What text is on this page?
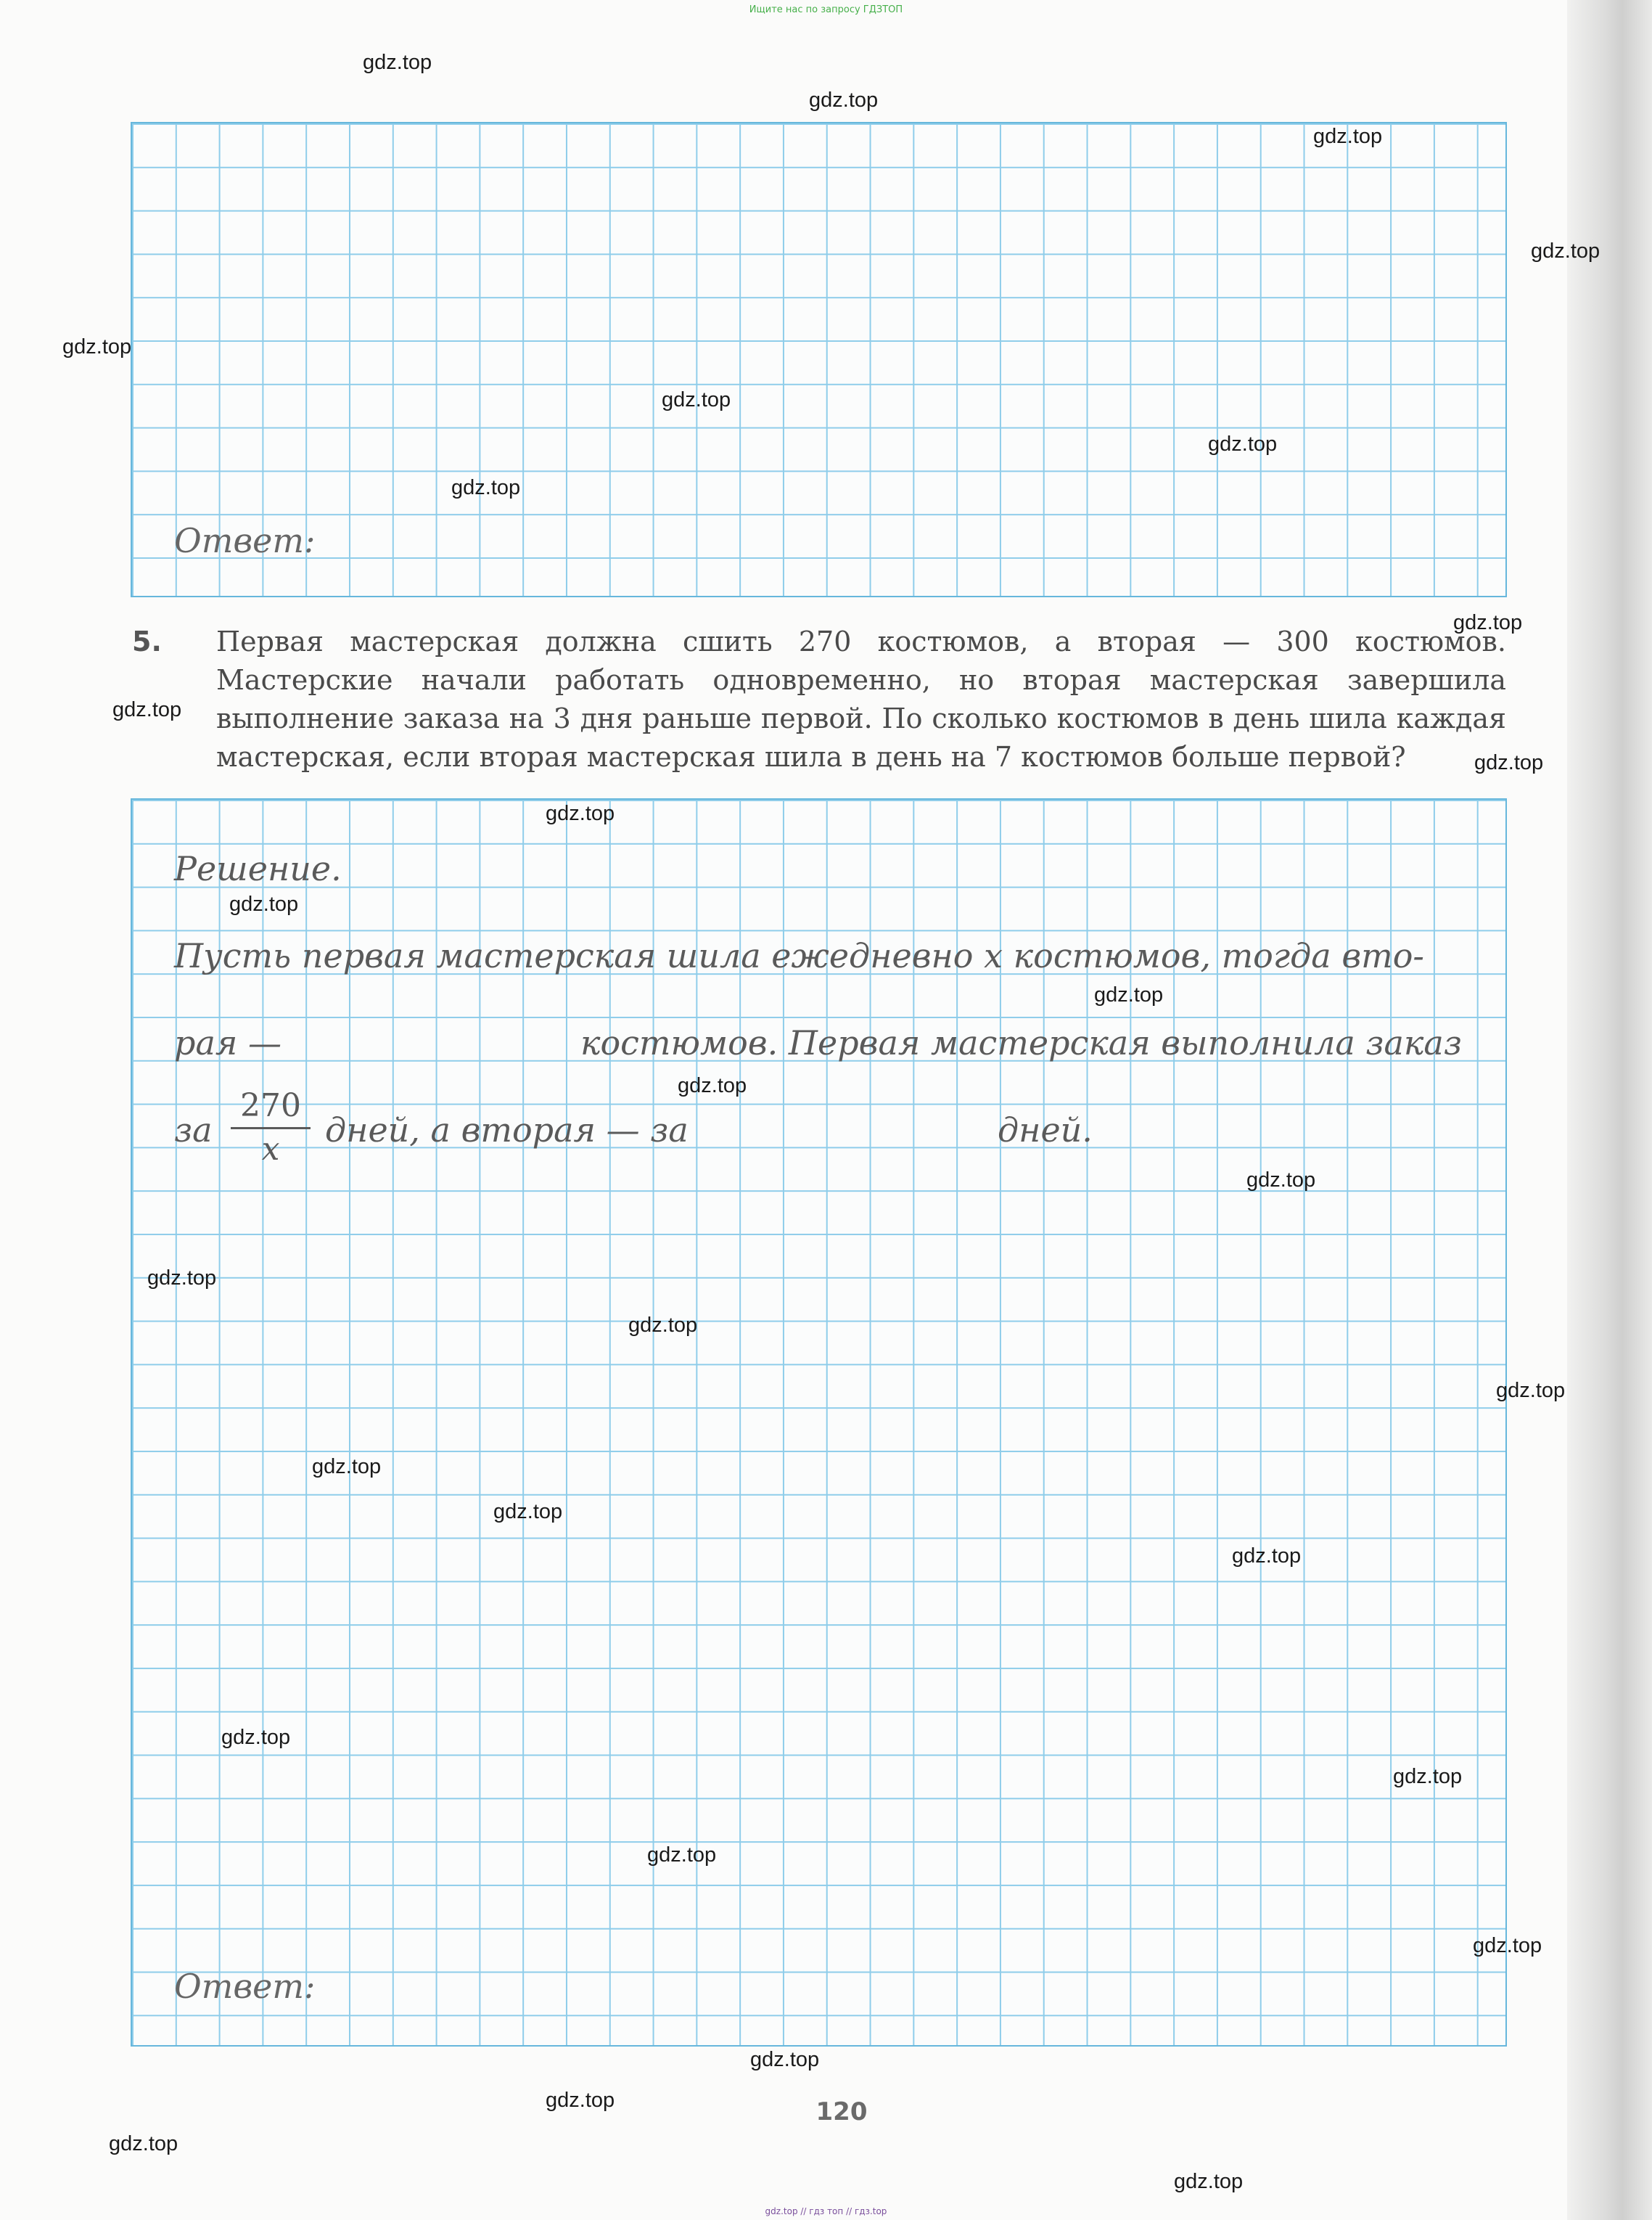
Ищите нас по запросу ГДЗТОП
Ответ:
5. Первая мастерская должна сшить 270 костюмов, а вторая — 300 костюмов. Мастерские начали работать одновременно, но вторая мастерская завершила выполнение заказа на 3 дня раньше первой. По сколько костюмов в день шила каждая мастерская, если вторая мастерская шила в день на 7 костюмов больше первой?
Решение.
Пусть первая мастерская шила ежедневно x костюмов, тогда вто-
рая —	костюмов. Первая мастерская выполнила заказ
за $\frac{270}{x}$ дней, а вторая — за	дней.
Ответ:
120
gdz.top
gdz.top
gdz.top
gdz.top
gdz.top
gdz.top
gdz.top
gdz.top
gdz.top
gdz.top
gdz.top
gdz.top
gdz.top
gdz.top
gdz.top
gdz.top
gdz.top
gdz.top
gdz.top
gdz.top
gdz.top
gdz.top
gdz.top
gdz.top
gdz.top
gdz.top
gdz.top
gdz.top
gdz.top
gdz.top
gdz.top // гдз топ // гдз.top
